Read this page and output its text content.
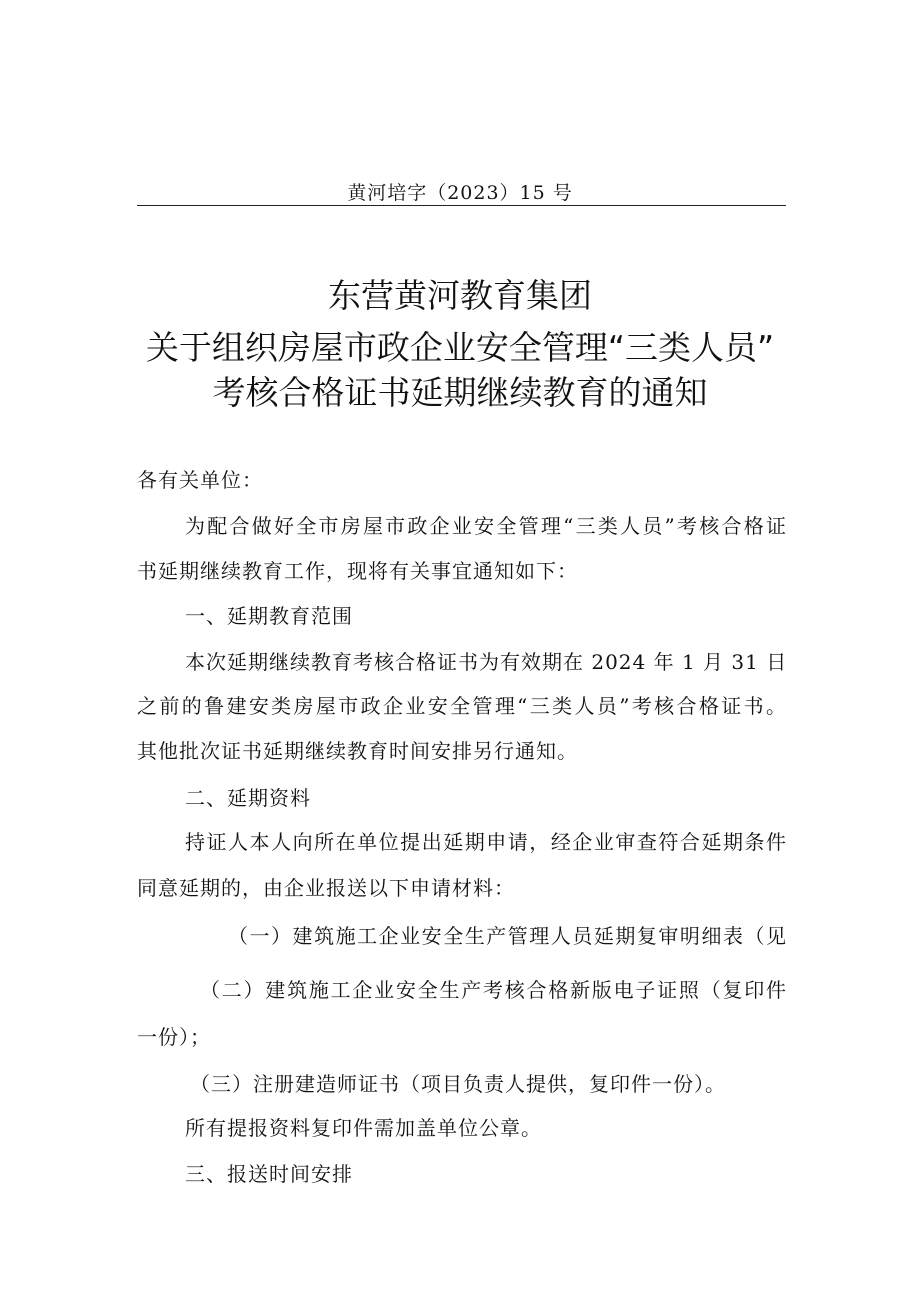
黄河培字（2023）15 号
东营黄河教育集团
关于组织房屋市政企业安全管理“三类人员”
考核合格证书延期继续教育的通知
各有关单位：
为配合做好全市房屋市政企业安全管理“三类人员”考核合格证
书延期继续教育工作，现将有关事宜通知如下：
一、延期教育范围
本次延期继续教育考核合格证书为有效期在 2024 年 1 月 31 日
之前的鲁建安类房屋市政企业安全管理“三类人员”考核合格证书。
其他批次证书延期继续教育时间安排另行通知。
二、延期资料
持证人本人向所在单位提出延期申请，经企业审查符合延期条件
同意延期的，由企业报送以下申请材料：
（一）建筑施工企业安全生产管理人员延期复审明细表（见
（二）建筑施工企业安全生产考核合格新版电子证照（复印件
一份）；
（三）注册建造师证书（项目负责人提供，复印件一份）。
所有提报资料复印件需加盖单位公章。
三、报送时间安排
